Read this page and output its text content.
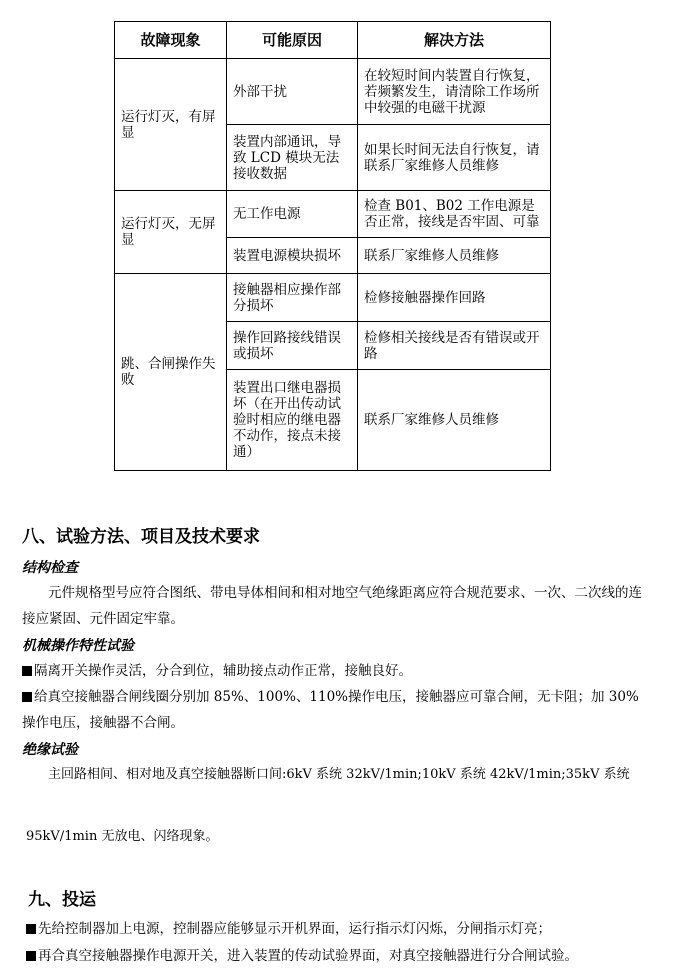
故障现象	可能原因	解决方法
运行灯灭，有屏显	外部干扰	在较短时间内装置自行恢复，若频繁发生，请清除工作场所中较强的电磁干扰源
	装置内部通讯，导致 LCD 模块无法接收数据	如果长时间无法自行恢复，请联系厂家维修人员维修
运行灯灭，无屏显	无工作电源	检查 B01、B02 工作电源是否正常，接线是否牢固、可靠
	装置电源模块损坏	联系厂家维修人员维修
跳、合闸操作失败	接触器相应操作部分损坏	检修接触器操作回路
	操作回路接线错误或损坏	检修相关接线是否有错误或开路
	装置出口继电器损坏（在开出传动试验时相应的继电器不动作，接点未接通）	联系厂家维修人员维修
八、试验方法、项目及技术要求
结构检查
元件规格型号应符合图纸、带电导体相间和相对地空气绝缘距离应符合规范要求、一次、二次线的连接应紧固、元件固定牢靠。
机械操作特性试验
隔离开关操作灵活，分合到位，辅助接点动作正常，接触良好。
给真空接触器合闸线圈分别加 85%、100%、110%操作电压，接触器应可靠合闸，无卡阻；加 30%操作电压，接触器不合闸。
绝缘试验
主回路相间、相对地及真空接触器断口间:6kV 系统 32kV/1min;10kV 系统 42kV/1min;35kV 系统
95kV/1min 无放电、闪络现象。
九、投运
先给控制器加上电源，控制器应能够显示开机界面，运行指示灯闪烁，分闸指示灯亮；
再合真空接触器操作电源开关，进入装置的传动试验界面，对真空接触器进行分合闸试验。
